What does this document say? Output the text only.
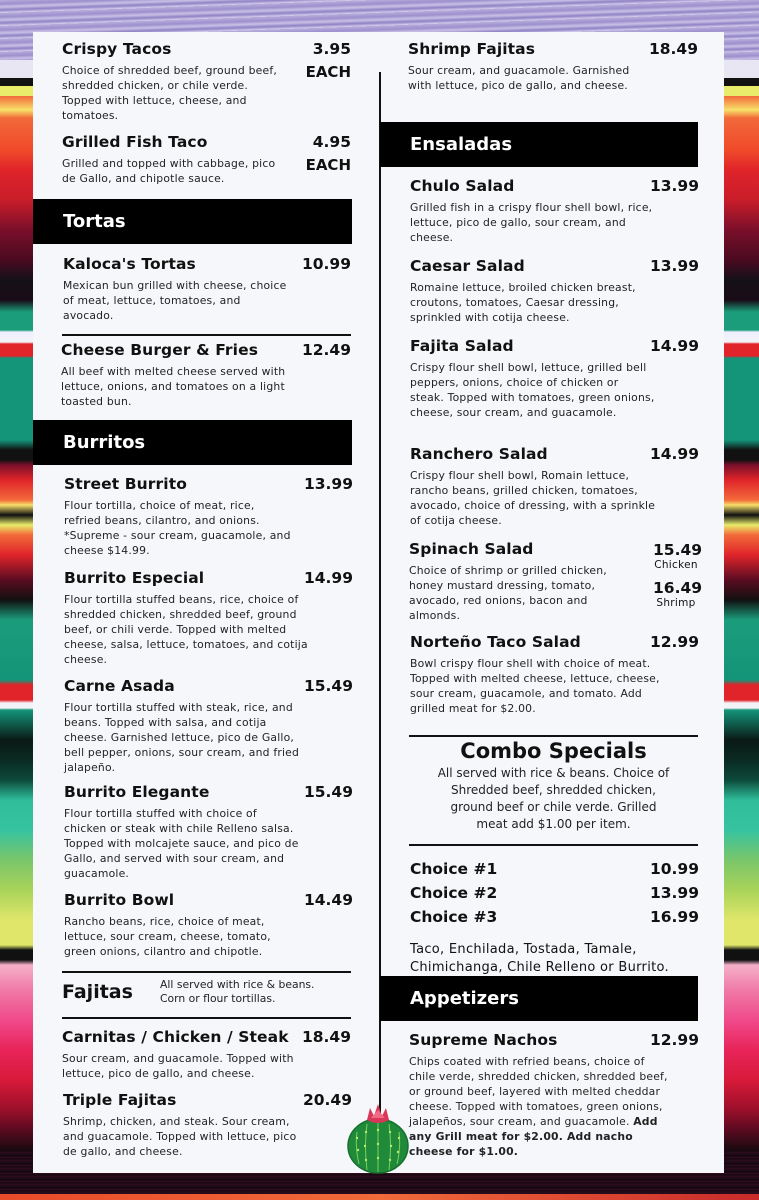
Crispy Tacos	3.95
EACH
Choice of shredded beef, ground beef, shredded chicken, or chile verde. Topped with lettuce, cheese, and tomatoes.
Grilled Fish Taco	4.95
EACH
Grilled and topped with cabbage, pico de Gallo, and chipotle sauce.
Tortas
Kaloca's Tortas	10.99
Mexican bun grilled with cheese, choice of meat, lettuce, tomatoes, and avocado.
Cheese Burger & Fries	12.49
All beef with melted cheese served with lettuce, onions, and tomatoes on a light toasted bun.
Burritos
Street Burrito	13.99
Flour tortilla, choice of meat, rice, refried beans, cilantro, and onions. *Supreme - sour cream, guacamole, and cheese $14.99.
Burrito Especial	14.99
Flour tortilla stuffed beans, rice, choice of shredded chicken, shredded beef, ground beef, or chili verde. Topped with melted cheese, salsa, lettuce, tomatoes, and cotija cheese.
Carne Asada	15.49
Flour tortilla stuffed with steak, rice, and beans. Topped with salsa, and cotija cheese. Garnished lettuce, pico de Gallo, bell pepper, onions, sour cream, and fried jalapeño.
Burrito Elegante	15.49
Flour tortilla stuffed with choice of chicken or steak with chile Relleno salsa. Topped with molcajete sauce, and pico de Gallo, and served with sour cream, and guacamole.
Burrito Bowl	14.49
Rancho beans, rice, choice of meat, lettuce, sour cream, cheese, tomato, green onions, cilantro and chipotle.
Fajitas	All served with rice & beans. Corn or flour tortillas.
Carnitas / Chicken / Steak 18.49
Sour cream, and guacamole. Topped with lettuce, pico de gallo, and cheese.
Triple Fajitas	20.49
Shrimp, chicken, and steak. Sour cream, and guacamole. Topped with lettuce, pico de gallo, and cheese.
Shrimp Fajitas	18.49
Sour cream, and guacamole. Garnished with lettuce, pico de gallo, and cheese.
Ensaladas
Chulo Salad	13.99
Grilled fish in a crispy flour shell bowl, rice, lettuce, pico de gallo, sour cream, and cheese.
Caesar Salad	13.99
Romaine lettuce, broiled chicken breast, croutons, tomatoes, Caesar dressing, sprinkled with cotija cheese.
Fajita Salad	14.99
Crispy flour shell bowl, lettuce, grilled bell peppers, onions, choice of chicken or steak. Topped with tomatoes, green onions, cheese, sour cream, and guacamole.
Ranchero Salad	14.99
Crispy flour shell bowl, Romain lettuce, rancho beans, grilled chicken, tomatoes, avocado, choice of dressing, with a sprinkle of cotija cheese.
Spinach Salad
Choice of shrimp or grilled chicken, honey mustard dressing, tomato, avocado, red onions, bacon and almonds.
15.49
Chicken
16.49
Shrimp
Norteño Taco Salad	12.99
Bowl crispy flour shell with choice of meat. Topped with melted cheese, lettuce, cheese, sour cream, guacamole, and tomato. Add grilled meat for $2.00.
Combo Specials
All served with rice & beans. Choice of Shredded beef, shredded chicken, ground beef or chile verde. Grilled meat add $1.00 per item.
Choice #1	10.99
Choice #2	13.99
Choice #3	16.99
Taco, Enchilada, Tostada, Tamale, Chimichanga, Chile Relleno or Burrito.
Appetizers
Supreme Nachos	12.99
Chips coated with refried beans, choice of chile verde, shredded chicken, shredded beef, or ground beef, layered with melted cheddar cheese. Topped with tomatoes, green onions, jalapeños, sour cream, and guacamole. Add any Grill meat for $2.00. Add nacho cheese for $1.00.
